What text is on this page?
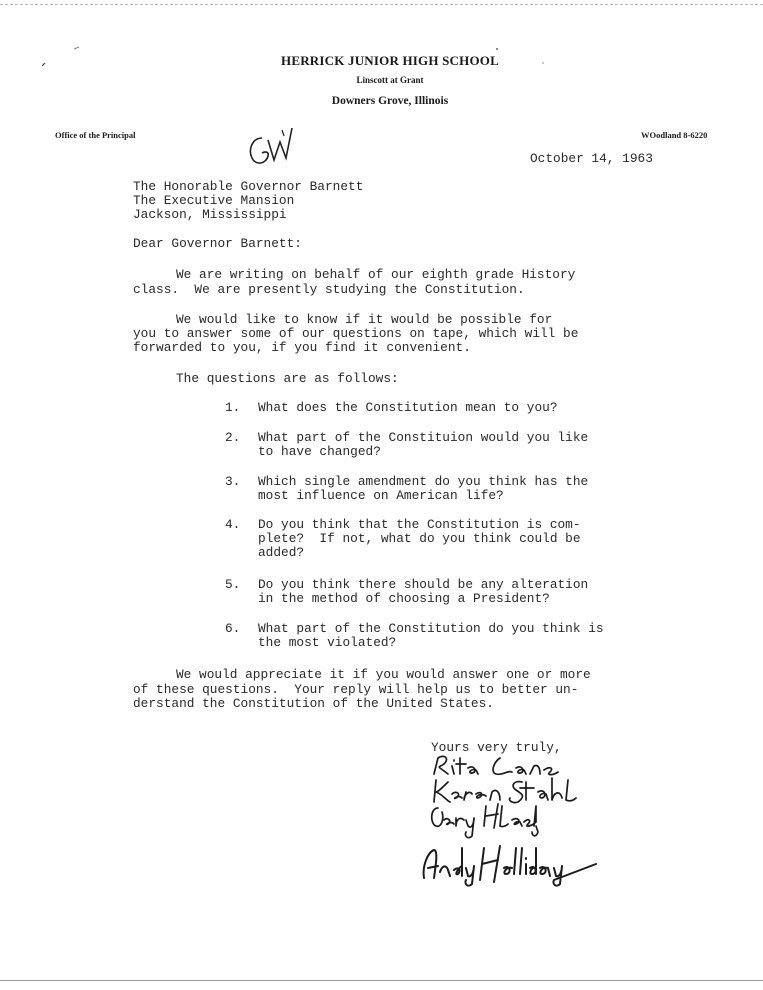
HERRICK JUNIOR HIGH SCHOOL
Linscott at Grant
Downers Grove, Illinois
Office of the Principal	WOodland 8-6220
October 14, 1963
The Honorable Governor Barnett
The Executive Mansion
Jackson, Mississippi
Dear Governor Barnett:
We are writing on behalf of our eighth grade History
class.  We are presently studying the Constitution.
We would like to know if it would be possible for
you to answer some of our questions on tape, which will be
forwarded to you, if you find it convenient.
The questions are as follows:
1. What does the Constitution mean to you?
2. What part of the Constituion would you like
to have changed?
3. Which single amendment do you think has the
most influence on American life?
4. Do you think that the Constitution is com-
plete?  If not, what do you think could be
added?
5. Do you think there should be any alteration
in the method of choosing a President?
6. What part of the Constitution do you think is
the most violated?
We would appreciate it if you would answer one or more
of these questions.  Your reply will help us to better un-
derstand the Constitution of the United States.
Yours very truly,
